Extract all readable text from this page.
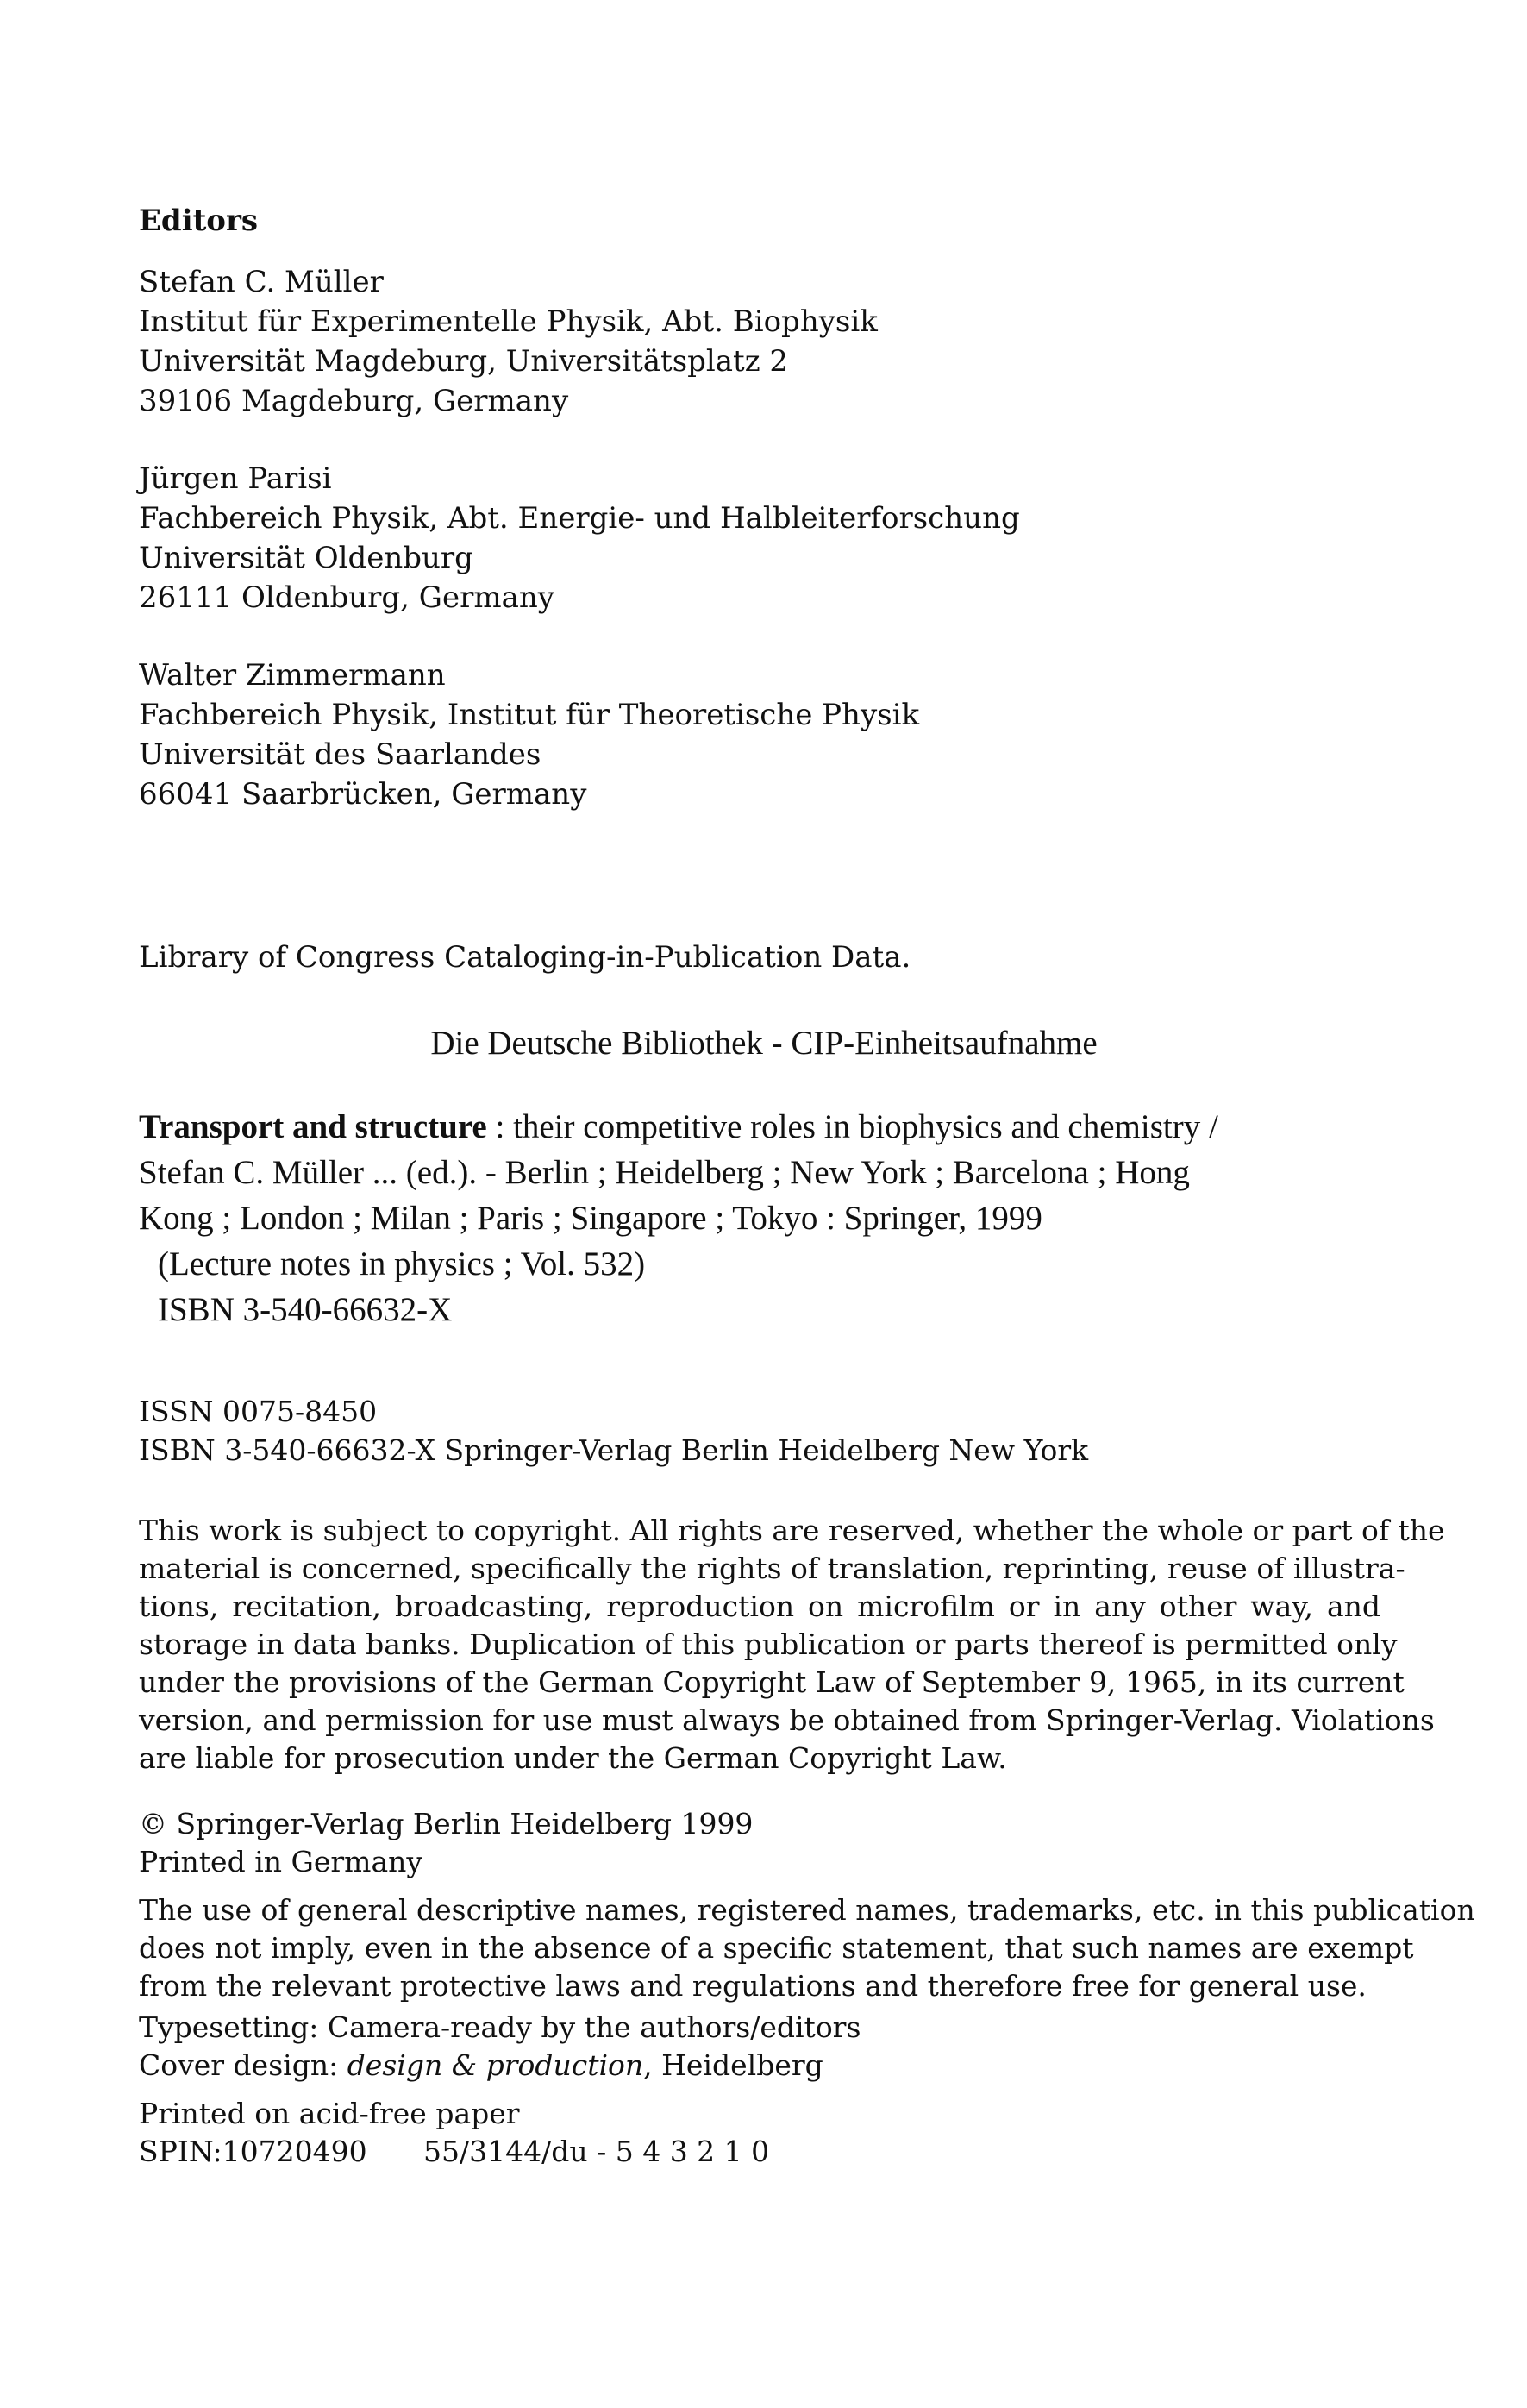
Editors
Stefan C. Müller
Institut für Experimentelle Physik, Abt. Biophysik
Universität Magdeburg, Universitätsplatz 2
39106 Magdeburg, Germany
Jürgen Parisi
Fachbereich Physik, Abt. Energie- und Halbleiterforschung
Universität Oldenburg
26111 Oldenburg, Germany
Walter Zimmermann
Fachbereich Physik, Institut für Theoretische Physik
Universität des Saarlandes
66041 Saarbrücken, Germany
Library of Congress Cataloging-in-Publication Data.
Die Deutsche Bibliothek - CIP-Einheitsaufnahme
Transport and structure : their competitive roles in biophysics and chemistry /
Stefan C. Müller ... (ed.). - Berlin ; Heidelberg ; New York ; Barcelona ; Hong
Kong ; London ; Milan ; Paris ; Singapore ; Tokyo : Springer, 1999
(Lecture notes in physics ; Vol. 532)
ISBN 3-540-66632-X
ISSN 0075-8450
ISBN 3-540-66632-X Springer-Verlag Berlin Heidelberg New York
This work is subject to copyright. All rights are reserved, whether the whole or part of the
material is concerned, specifically the rights of translation, reprinting, reuse of illustra-
tions, recitation, broadcasting, reproduction on microfilm or in any other way, and
storage in data banks. Duplication of this publication or parts thereof is permitted only
under the provisions of the German Copyright Law of September 9, 1965, in its current
version, and permission for use must always be obtained from Springer-Verlag. Violations
are liable for prosecution under the German Copyright Law.
© Springer-Verlag Berlin Heidelberg 1999
Printed in Germany
The use of general descriptive names, registered names, trademarks, etc. in this publication
does not imply, even in the absence of a specific statement, that such names are exempt
from the relevant protective laws and regulations and therefore free for general use.
Typesetting: Camera-ready by the authors/editors
Cover design: design & production, Heidelberg
Printed on acid-free paper
SPIN:10720490 55/3144/du - 5 4 3 2 1 0
